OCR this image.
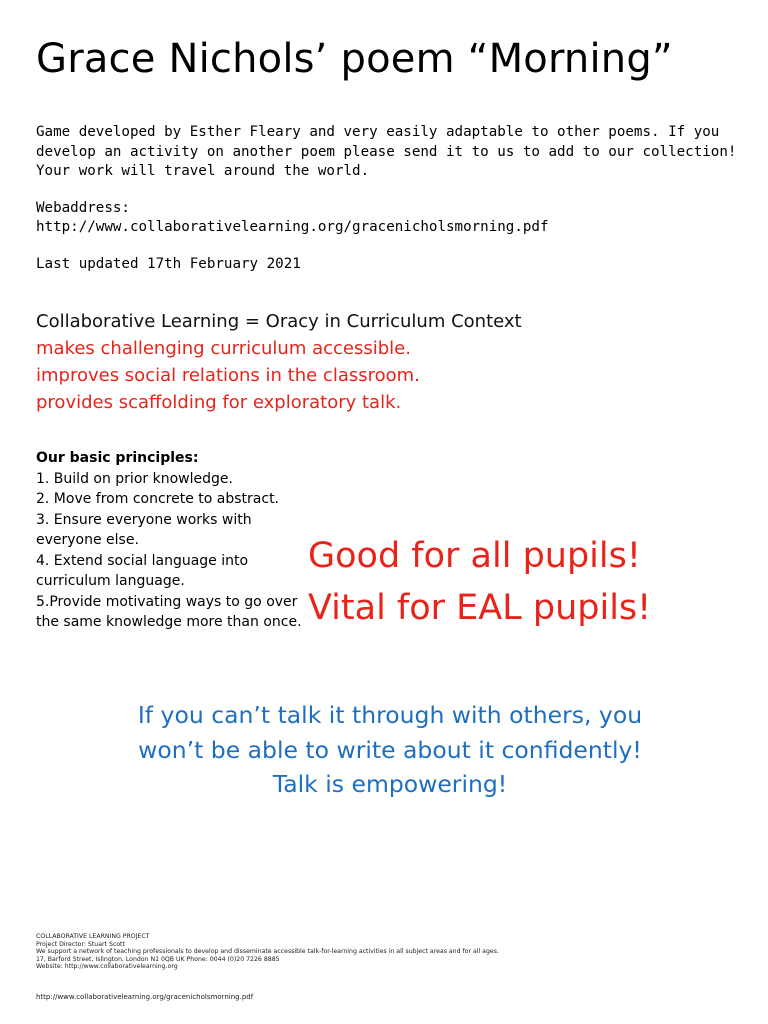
Grace Nichols’ poem “Morning”

Game developed by Esther Fleary and very easily adaptable to other poems. If you develop an activity on another poem please send it to us to add to our collection! Your work will travel around the world.

Webaddress:
http://www.collaborativelearning.org/gracenicholsmorning.pdf

Last updated 17th February 2021

Collaborative Learning = Oracy in Curriculum Context
makes challenging curriculum accessible.
improves social relations in the classroom.
provides scaffolding for exploratory talk.
Our basic principles:
1. Build on prior knowledge.
2. Move from concrete to abstract.
3. Ensure everyone works with everyone else.
4. Extend social language into curriculum language.
5.Provide motivating ways to go over the same knowledge more than once.
Good for all pupils!
Vital for EAL pupils!
If you can’t talk it through with others, you
won’t be able to write about it confidently!
Talk is empowering!
COLLABORATIVE LEARNING PROJECT
Project Director: Stuart Scott
We support a network of teaching professionals to develop and disseminate accessible talk-for-learning activities in all subject areas and for all ages.
17, Barford Street, Islington, London N1 0QB UK Phone: 0044 (0)20 7226 8885
Website: http://www.collaborativelearning.org
http://www.collaborativelearning.org/gracenicholsmorning.pdf
